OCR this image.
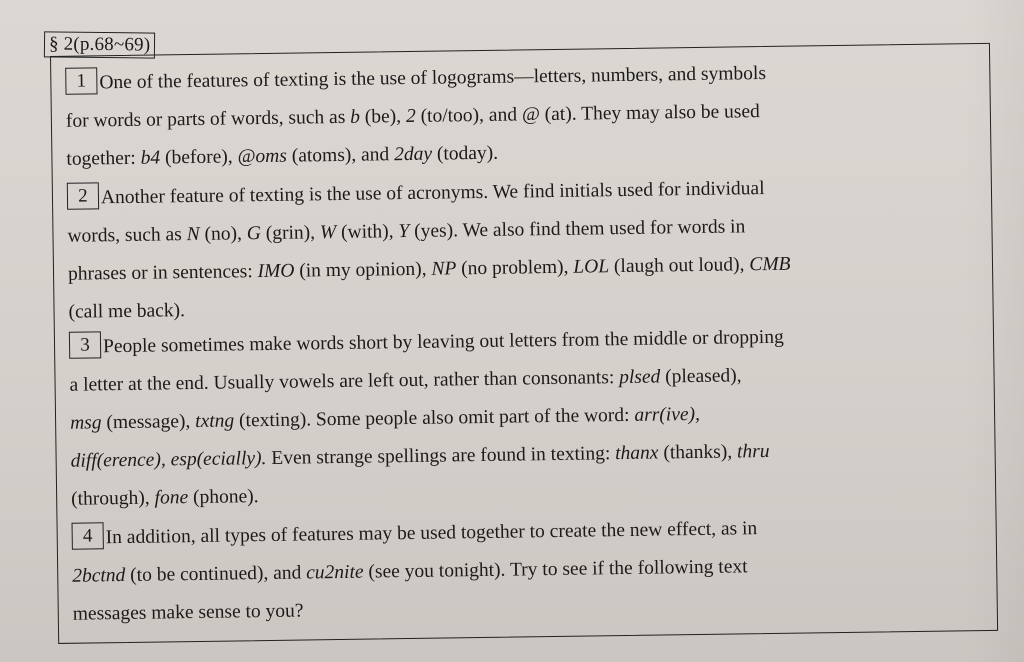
§ 2(p.68~69)
1 One of the features of texting is the use of logograms—letters, numbers, and symbols
for words or parts of words, such as b (be), 2 (to/too), and @ (at). They may also be used
together: b4 (before), @oms (atoms), and 2day (today).
2 Another feature of texting is the use of acronyms. We find initials used for individual
words, such as N (no), G (grin), W (with), Y (yes). We also find them used for words in
phrases or in sentences: IMO (in my opinion), NP (no problem), LOL (laugh out loud), CMB
(call me back).
3 People sometimes make words short by leaving out letters from the middle or dropping
a letter at the end. Usually vowels are left out, rather than consonants: plsed (pleased),
msg (message), txtng (texting). Some people also omit part of the word: arr(ive),
diff(erence), esp(ecially). Even strange spellings are found in texting: thanx (thanks), thru
(through), fone (phone).
4 In addition, all types of features may be used together to create the new effect, as in
2bctnd (to be continued), and cu2nite (see you tonight). Try to see if the following text
messages make sense to you?
